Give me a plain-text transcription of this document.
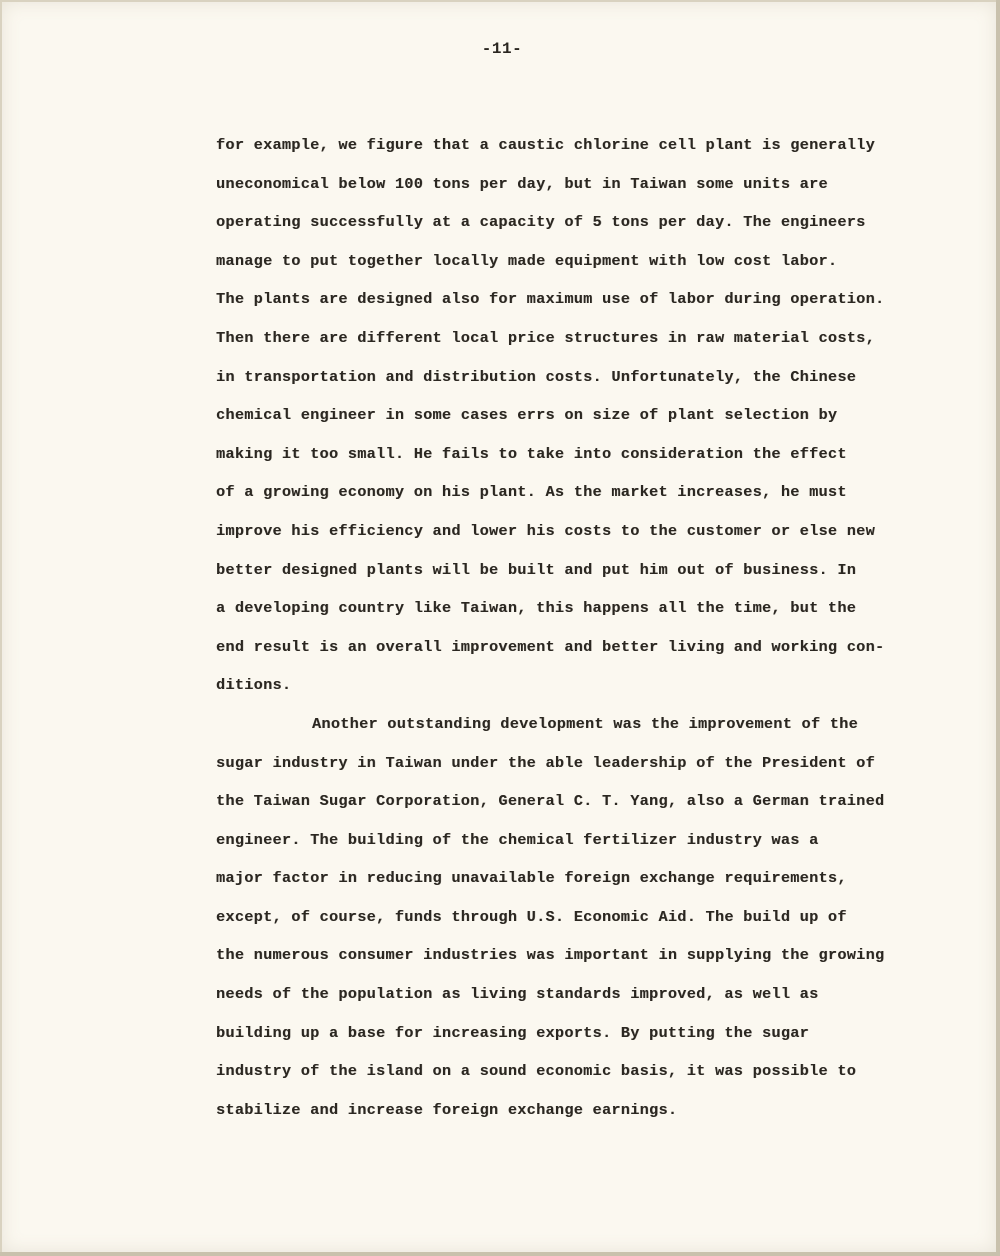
-11-
for example, we figure that a caustic chlorine cell plant is generally
uneconomical below 100 tons per day, but in Taiwan some units are
operating successfully at a capacity of 5 tons per day. The engineers
manage to put together locally made equipment with low cost labor.
The plants are designed also for maximum use of labor during operation.
Then there are different local price structures in raw material costs,
in transportation and distribution costs. Unfortunately, the Chinese
chemical engineer in some cases errs on size of plant selection by
making it too small. He fails to take into consideration the effect
of a growing economy on his plant. As the market increases, he must
improve his efficiency and lower his costs to the customer or else new
better designed plants will be built and put him out of business. In
a developing country like Taiwan, this happens all the time, but the
end result is an overall improvement and better living and working con-
ditions.
Another outstanding development was the improvement of the
sugar industry in Taiwan under the able leadership of the President of
the Taiwan Sugar Corporation, General C. T. Yang, also a German trained
engineer. The building of the chemical fertilizer industry was a
major factor in reducing unavailable foreign exchange requirements,
except, of course, funds through U.S. Economic Aid. The build up of
the numerous consumer industries was important in supplying the growing
needs of the population as living standards improved, as well as
building up a base for increasing exports. By putting the sugar
industry of the island on a sound economic basis, it was possible to
stabilize and increase foreign exchange earnings.
